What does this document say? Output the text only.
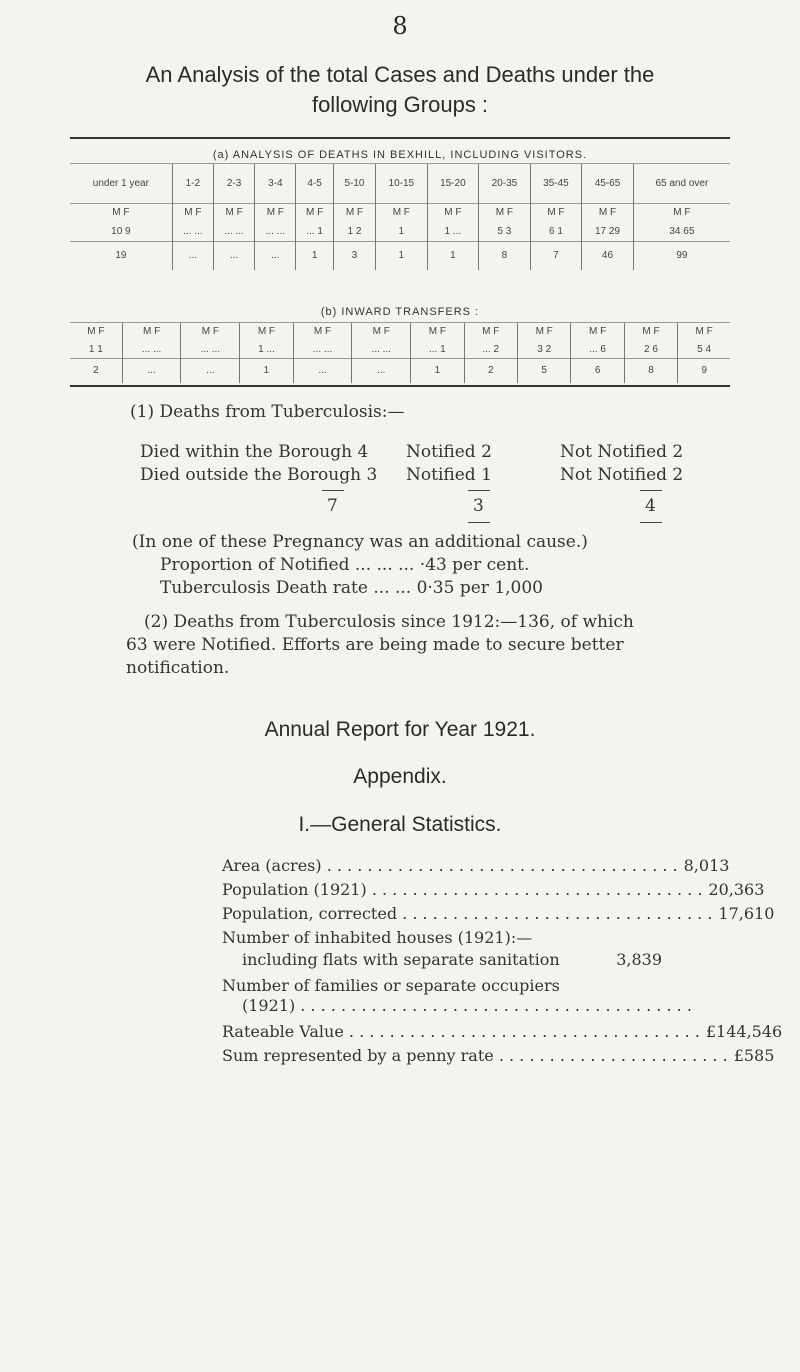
8
An Analysis of the total Cases and Deaths under the
following Groups :
(a) ANALYSIS OF DEATHS IN BEXHILL, INCLUDING VISITORS.
under 1 year	1-2	2-3	3-4	4-5	5-10	10-15	15-20	20-35	35-45	45-65	65 and over
M F	M F	M F	M F	M F	M F	M F	M F	M F	M F	M F	M F
10 9	... ...	... ...	... ...	... 1	1 2	1	1 ...	5 3	6 1	17 29	34 65
19	...	...	...	1	3	1	1	8	7	46	99
(b) INWARD TRANSFERS :
M F	M F	M F	M F	M F	M F	M F	M F	M F	M F	M F	M F
1 1	... ...	... ...	1 ...	... ...	... ...	... 1	... 2	3 2	... 6	2 6	5 4
2	...	...	1	...	...	1	2	5	6	8	9
(1) Deaths from Tuberculosis:—
Died within the Borough 4 Notified 2	Not Notified 2
Died outside the Borough 3 Notified 1	Not Notified 2
7	3	4
(In one of these Pregnancy was an additional cause.)
Proportion of Notified ... ... ... ·43 per cent.
Tuberculosis Death rate ... ... 0·35 per 1,000
(2) Deaths from Tuberculosis since 1912:—136, of which
63 were Notified. Efforts are being made to secure better
notification.
Annual Report for Year 1921.
Appendix.
I.—General Statistics.
Area (acres) . . . . . . . . . . . . . . . . . . . . . . . . . . . . . . . . . . . 8,013
Population (1921) . . . . . . . . . . . . . . . . . . . . . . . . . . . . . . . . . 20,363
Population, corrected . . . . . . . . . . . . . . . . . . . . . . . . . . . . . . . 17,610
Number of inhabited houses (1921):—
including flats with separate sanitation	3,839
Number of families or separate occupiers
(1921) . . . . . . . . . . . . . . . . . . . . . . . . . . . . . . . . . . . . . . .
Rateable Value . . . . . . . . . . . . . . . . . . . . . . . . . . . . . . . . . . . £144,546
Sum represented by a penny rate . . . . . . . . . . . . . . . . . . . . . . . £585
